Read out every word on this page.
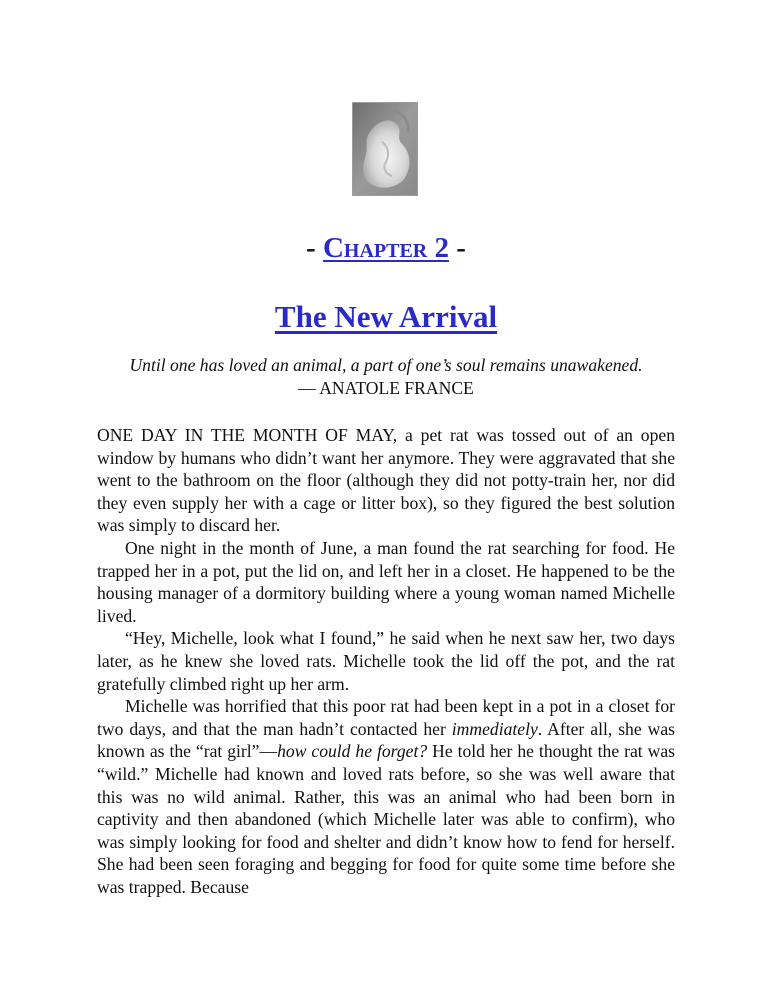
- Chapter 2 -
The New Arrival
Until one has loved an animal, a part of one’s soul remains unawakened.
— ANATOLE FRANCE

ONE DAY IN THE MONTH OF MAY, a pet rat was tossed out of an open window by humans who didn’t want her anymore. They were aggravated that she went to the bathroom on the floor (although they did not potty-train her, nor did they even supply her with a cage or litter box), so they figured the best solution was simply to discard her.

One night in the month of June, a man found the rat searching for food. He trapped her in a pot, put the lid on, and left her in a closet. He happened to be the housing manager of a dormitory building where a young woman named Michelle lived.

“Hey, Michelle, look what I found,” he said when he next saw her, two days later, as he knew she loved rats. Michelle took the lid off the pot, and the rat gratefully climbed right up her arm.

Michelle was horrified that this poor rat had been kept in a pot in a closet for two days, and that the man hadn’t contacted her immediately. After all, she was known as the “rat girl”—how could he forget? He told her he thought the rat was “wild.” Michelle had known and loved rats before, so she was well aware that this was no wild animal. Rather, this was an animal who had been born in captivity and then abandoned (which Michelle later was able to confirm), who was simply looking for food and shelter and didn’t know how to fend for herself. She had been seen foraging and begging for food for quite some time before she was trapped. Because
